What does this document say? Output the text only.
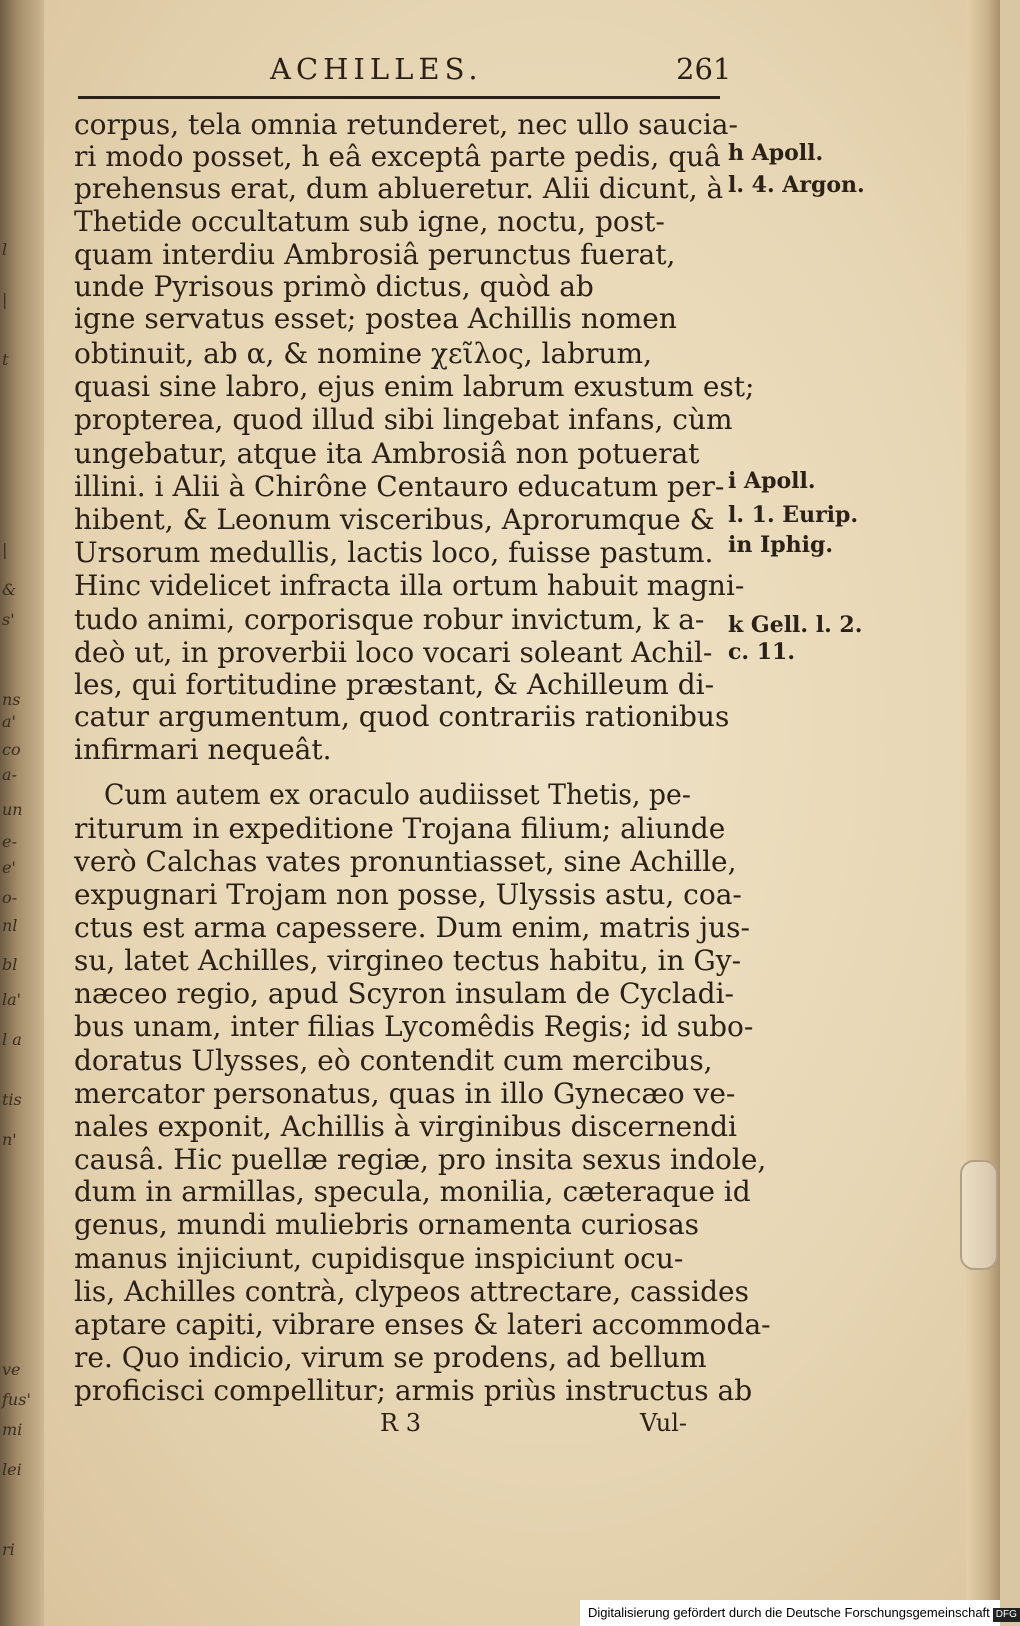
l
|
t
|
&
s'
ns
a'
co
a-
un
e-
e'
o-
nl
bl
la'
l a
tis
n'
ve
fus'
mi
lei
ri
ACHILLES.	261
corpus, tela omnia retunderet, nec ullo saucia-
ri modo posset, h eâ exceptâ parte pedis, quâ
prehensus erat, dum ablueretur. Alii dicunt, à
Thetide occultatum sub igne, noctu, post-
quam interdiu Ambrosiâ perunctus fuerat,
unde Pyrisous primò dictus, quòd ab
igne servatus esset; postea Achillis nomen
obtinuit, ab α, & nomine χεῖλος, labrum,
quasi sine labro, ejus enim labrum exustum est;
propterea, quod illud sibi lingebat infans, cùm
ungebatur, atque ita Ambrosiâ non potuerat
illini. i Alii à Chirône Centauro educatum per-
hibent, & Leonum visceribus, Aprorumque &
Ursorum medullis, lactis loco, fuisse pastum.
Hinc videlicet infracta illa ortum habuit magni-
tudo animi, corporisque robur invictum, k a-
deò ut, in proverbii loco vocari soleant Achil-
les, qui fortitudine præstant, & Achilleum di-
catur argumentum, quod contrariis rationibus
infirmari nequeât.
Cum autem ex oraculo audiisset Thetis, pe-
riturum in expeditione Trojana filium; aliunde
verò Calchas vates pronuntiasset, sine Achille,
expugnari Trojam non posse, Ulyssis astu, coa-
ctus est arma capessere. Dum enim, matris jus-
su, latet Achilles, virgineo tectus habitu, in Gy-
næceo regio, apud Scyron insulam de Cycladi-
bus unam, inter filias Lycomêdis Regis; id subo-
doratus Ulysses, eò contendit cum mercibus,
mercator personatus, quas in illo Gynecæo ve-
nales exponit, Achillis à virginibus discernendi
causâ. Hic puellæ regiæ, pro insita sexus indole,
dum in armillas, specula, monilia, cæteraque id
genus, mundi muliebris ornamenta curiosas
manus injiciunt, cupidisque inspiciunt ocu-
lis, Achilles contrà, clypeos attrectare, cassides
aptare capiti, vibrare enses & lateri accommoda-
re. Quo indicio, virum se prodens, ad bellum
proficisci compellitur; armis priùs instructus ab
h Apoll.
l. 4. Argon.
i Apoll.
l. 1. Eurip.
in Iphig.
k Gell. l. 2.
c. 11.
R 3	Vul-
Digitalisierung gefördert durch die Deutsche Forschungsgemeinschaft DFG
